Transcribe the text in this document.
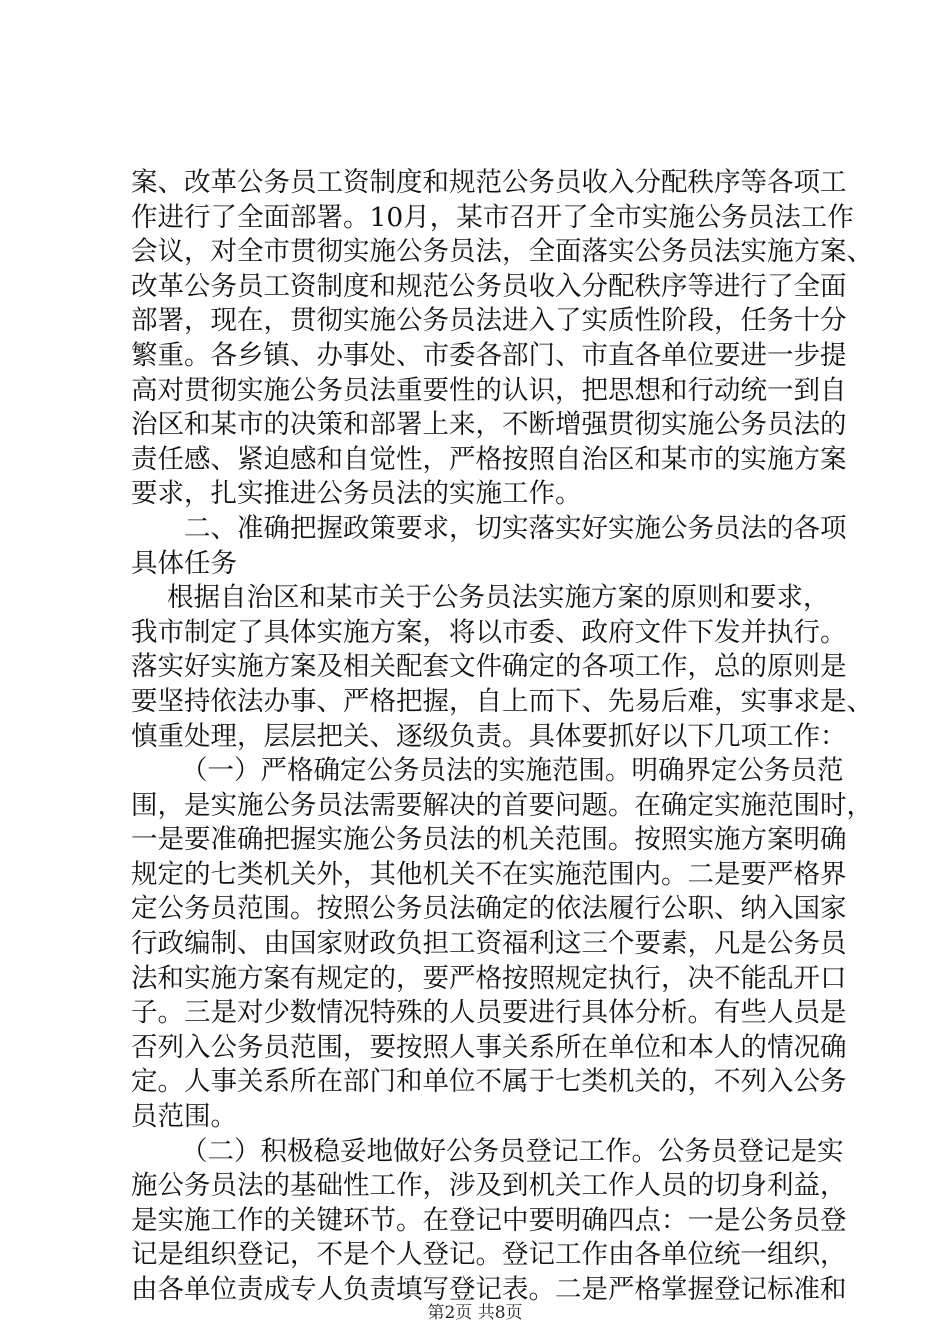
案、改革公务员工资制度和规范公务员收入分配秩序等各项工
作进行了全面部署。10月，某市召开了全市实施公务员法工作
会议，对全市贯彻实施公务员法，全面落实公务员法实施方案、
改革公务员工资制度和规范公务员收入分配秩序等进行了全面
部署，现在，贯彻实施公务员法进入了实质性阶段，任务十分
繁重。各乡镇、办事处、市委各部门、市直各单位要进一步提
高对贯彻实施公务员法重要性的认识，把思想和行动统一到自
治区和某市的决策和部署上来，不断增强贯彻实施公务员法的
责任感、紧迫感和自觉性，严格按照自治区和某市的实施方案
要求，扎实推进公务员法的实施工作。
二、准确把握政策要求，切实落实好实施公务员法的各项
具体任务
根据自治区和某市关于公务员法实施方案的原则和要求，
我市制定了具体实施方案，将以市委、政府文件下发并执行。
落实好实施方案及相关配套文件确定的各项工作，总的原则是
要坚持依法办事、严格把握，自上而下、先易后难，实事求是、
慎重处理，层层把关、逐级负责。具体要抓好以下几项工作：
（一）严格确定公务员法的实施范围。明确界定公务员范
围，是实施公务员法需要解决的首要问题。在确定实施范围时，
一是要准确把握实施公务员法的机关范围。按照实施方案明确
规定的七类机关外，其他机关不在实施范围内。二是要严格界
定公务员范围。按照公务员法确定的依法履行公职、纳入国家
行政编制、由国家财政负担工资福利这三个要素，凡是公务员
法和实施方案有规定的，要严格按照规定执行，决不能乱开口
子。三是对少数情况特殊的人员要进行具体分析。有些人员是
否列入公务员范围，要按照人事关系所在单位和本人的情况确
定。人事关系所在部门和单位不属于七类机关的，不列入公务
员范围。
（二）积极稳妥地做好公务员登记工作。公务员登记是实
施公务员法的基础性工作，涉及到机关工作人员的切身利益，
是实施工作的关键环节。在登记中要明确四点：一是公务员登
记是组织登记，不是个人登记。登记工作由各单位统一组织，
由各单位责成专人负责填写登记表。二是严格掌握登记标准和
第2页 共8页
